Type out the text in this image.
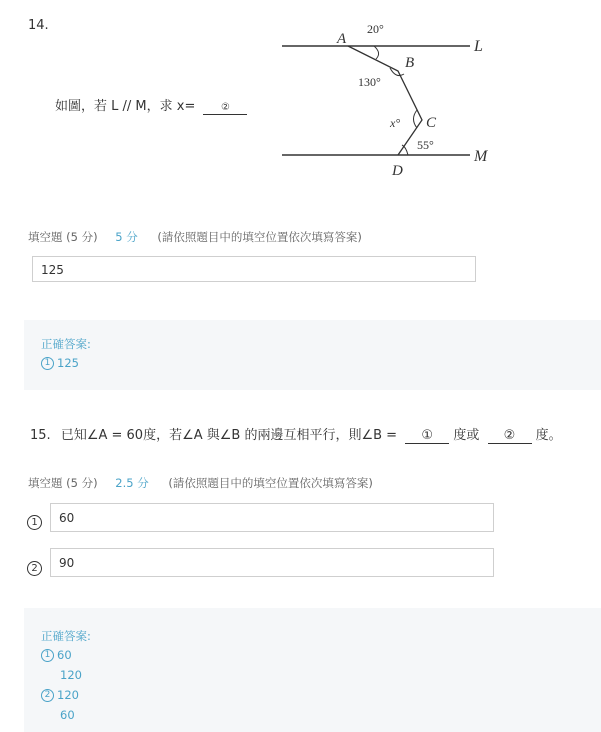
14.
如圖，若 L // M，求 x=	②
A
B
C
D
L
M
20°
130°
x°
55°
填空題 (5 分) 5 分 (請依照題目中的填空位置依次填寫答案)
125
正確答案:
1 125
15. 已知∠A = 60度，若∠A 與∠B 的兩邊互相平行，則∠B = ① 度或 ② 度。
填空題 (5 分) 2.5 分 (請依照題目中的填空位置依次填寫答案)
1	60
2	90
正確答案:
1 60
120
2 120
60
